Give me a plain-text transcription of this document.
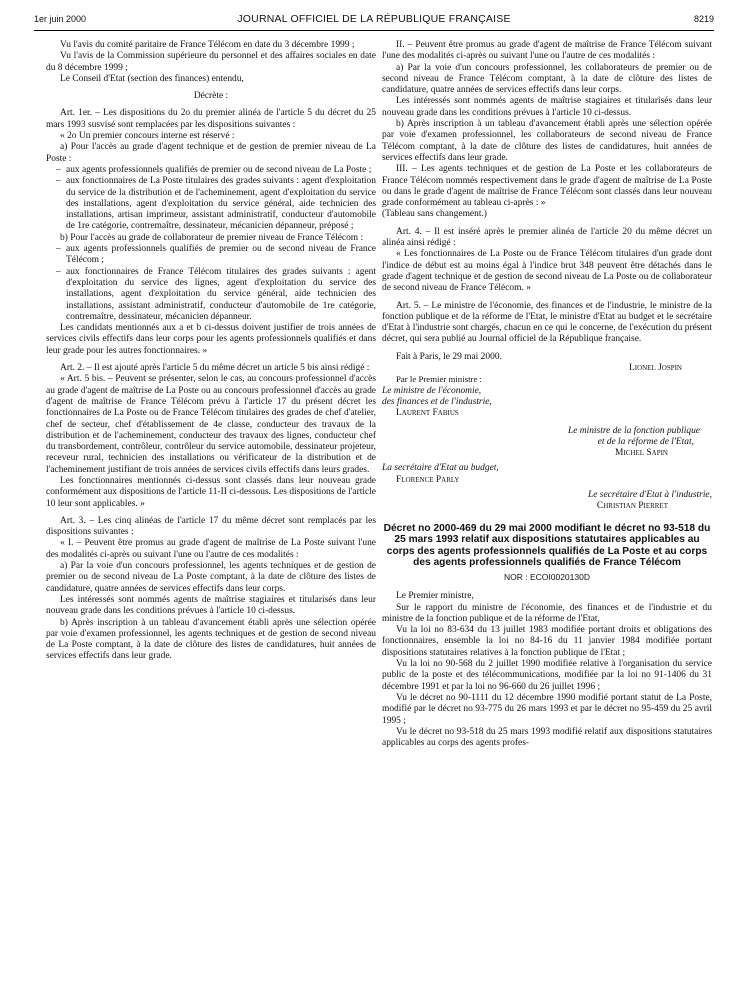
1er juin 2000	JOURNAL OFFICIEL DE LA RÉPUBLIQUE FRANÇAISE	8219

Vu l'avis du comité paritaire de France Télécom en date du 3 décembre 1999 ;

Vu l'avis de la Commission supérieure du personnel et des affaires sociales en date du 8 décembre 1999 ;

Le Conseil d'Etat (section des finances) entendu,

Décrète :

Art. 1er. – Les dispositions du 2o du premier alinéa de l'article 5 du décret du 25 mars 1993 susvisé sont remplacées par les dispositions suivantes :

« 2o Un premier concours interne est réservé :

a) Pour l'accès au grade d'agent technique et de gestion de premier niveau de La Poste :

– aux agents professionnels qualifiés de premier ou de second niveau de La Poste ;
– aux fonctionnaires de La Poste titulaires des grades suivants : agent d'exploitation du service de la distribution et de l'acheminement, agent d'exploitation du service des installations, agent d'exploitation du service général, aide technicien des installations, artisan imprimeur, assistant administratif, conducteur d'automobile de 1re catégorie, contremaître, dessinateur, mécanicien dépanneur, préposé ;

b) Pour l'accès au grade de collaborateur de premier niveau de France Télécom :

– aux agents professionnels qualifiés de premier ou de second niveau de France Télécom ;
– aux fonctionnaires de France Télécom titulaires des grades suivants : agent d'exploitation du service des lignes, agent d'exploitation du service des installations, agent d'exploitation du service général, aide technicien des installations, assistant administratif, conducteur d'automobile de 1re catégorie, contremaître, dessinateur, mécanicien dépanneur.

Les candidats mentionnés aux a et b ci-dessus doivent justifier de trois années de services civils effectifs dans leur corps pour les agents professionnels qualifiés et dans leur grade pour les autres fonctionnaires. »

Art. 2. – Il est ajouté après l'article 5 du même décret un article 5 bis ainsi rédigé :

« Art. 5 bis. – Peuvent se présenter, selon le cas, au concours professionnel d'accès au grade d'agent de maîtrise de La Poste ou au concours professionnel d'accès au grade d'agent de maîtrise de France Télécom prévu à l'article 17 du présent décret les fonctionnaires de La Poste ou de France Télécom titulaires des grades de chef d'atelier, chef de secteur, chef d'établissement de 4e classe, conducteur des travaux de la distribution et de l'acheminement, conducteur des travaux des lignes, conducteur chef du transbordement, contrôleur, contrôleur du service automobile, dessinateur projeteur, receveur rural, technicien des installations ou vérificateur de la distribution et de l'acheminement justifiant de trois années de services civils effectifs dans leurs grades.

Les fonctionnaires mentionnés ci-dessus sont classés dans leur nouveau grade conformément aux dispositions de l'article 11-II ci-dessous. Les dispositions de l'article 10 leur sont applicables. »

Art. 3. – Les cinq alinéas de l'article 17 du même décret sont remplacés par les dispositions suivantes :

« I. – Peuvent être promus au grade d'agent de maîtrise de La Poste suivant l'une des modalités ci-après ou suivant l'une ou l'autre de ces modalités :

a) Par la voie d'un concours professionnel, les agents techniques et de gestion de premier ou de second niveau de La Poste comptant, à la date de clôture des listes de candidature, quatre années de services effectifs dans leur corps.

Les intéressés sont nommés agents de maîtrise stagiaires et titularisés dans leur nouveau grade dans les conditions prévues à l'article 10 ci-dessus.

b) Après inscription à un tableau d'avancement établi après une sélection opérée par voie d'examen professionnel, les agents techniques et de gestion de second niveau de La Poste comptant, à la date de clôture des listes de candidatures, huit années de services effectifs dans leur grade.

II. – Peuvent être promus au grade d'agent de maîtrise de France Télécom suivant l'une des modalités ci-après ou suivant l'une ou l'autre de ces modalités :

a) Par la voie d'un concours professionnel, les collaborateurs de premier ou de second niveau de France Télécom comptant, à la date de clôture des listes de candidature, quatre années de services effectifs dans leur corps.

Les intéressés sont nommés agents de maîtrise stagiaires et titularisés dans leur nouveau grade dans les conditions prévues à l'article 10 ci-dessus.

b) Après inscription à un tableau d'avancement établi après une sélection opérée par voie d'examen professionnel, les collaborateurs de second niveau de France Télécom comptant, à la date de clôture des listes de candidatures, huit années de services effectifs dans leur grade.

III. – Les agents techniques et de gestion de La Poste et les collaborateurs de France Télécom nommés respectivement dans le grade d'agent de maîtrise de La Poste ou dans le grade d'agent de maîtrise de France Télécom sont classés dans leur nouveau grade conformément au tableau ci-après : »

(Tableau sans changement.)

Art. 4. – Il est inséré après le premier alinéa de l'article 20 du même décret un alinéa ainsi rédigé :

« Les fonctionnaires de La Poste ou de France Télécom titulaires d'un grade dont l'indice de début est au moins égal à l'indice brut 348 peuvent être détachés dans le grade d'agent technique et de gestion de second niveau de La Poste ou de collaborateur de second niveau de France Télécom. »

Art. 5. – Le ministre de l'économie, des finances et de l'industrie, le ministre de la fonction publique et de la réforme de l'Etat, le ministre d'Etat au budget et le secrétaire d'Etat à l'industrie sont chargés, chacun en ce qui le concerne, de l'exécution du présent décret, qui sera publié au Journal officiel de la République française.

Fait à Paris, le 29 mai 2000.

Lionel Jospin

Par le Premier ministre :

Le ministre de l'économie,

des finances et de l'industrie,

Laurent Fabius

Le ministre de la fonction publique

et de la réforme de l'Etat,

Michel Sapin

La secrétaire d'Etat au budget,

Florence Parly

Le secrétaire d'Etat à l'industrie,

Christian Pierret

Décret no 2000-469 du 29 mai 2000 modifiant le décret no 93-518 du 25 mars 1993 relatif aux dispositions statutaires applicables au corps des agents professionnels qualifiés de La Poste et au corps des agents professionnels qualifiés de France Télécom
NOR : ECOI0020130D

Le Premier ministre,

Sur le rapport du ministre de l'économie, des finances et de l'industrie et du ministre de la fonction publique et de la réforme de l'Etat,

Vu la loi no 83-634 du 13 juillet 1983 modifiée portant droits et obligations des fonctionnaires, ensemble la loi no 84-16 du 11 janvier 1984 modifiée portant dispositions statutaires relatives à la fonction publique de l'Etat ;

Vu la loi no 90-568 du 2 juillet 1990 modifiée relative à l'organisation du service public de la poste et des télécommunications, modifiée par la loi no 91-1406 du 31 décembre 1991 et par la loi no 96-660 du 26 juillet 1996 ;

Vu le décret no 90-1111 du 12 décembre 1990 modifié portant statut de La Poste, modifié par le décret no 93-775 du 26 mars 1993 et par le décret no 95-459 du 25 avril 1995 ;

Vu le décret no 93-518 du 25 mars 1993 modifié relatif aux dispositions statutaires applicables au corps des agents profes-
